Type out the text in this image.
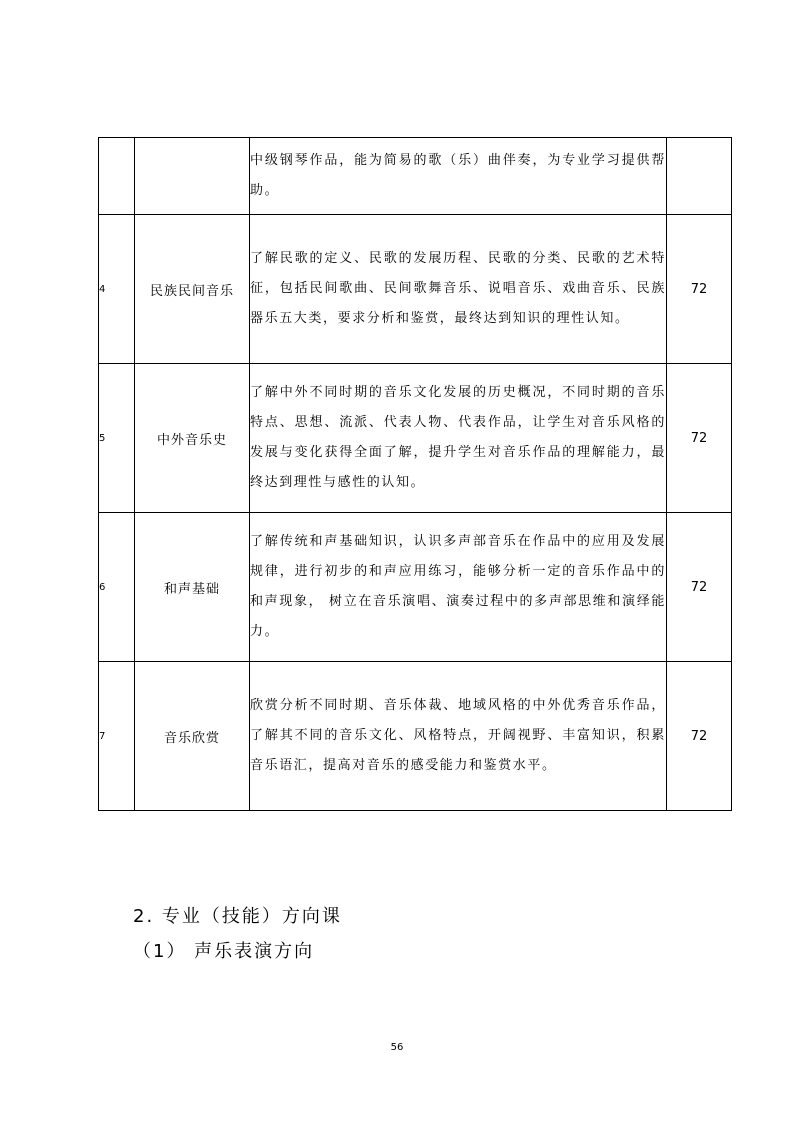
		中级钢琴作品，能为简易的歌（乐）曲伴奏，为专业学习提供帮助。	
4	民族民间音乐	了解民歌的定义、民歌的发展历程、民歌的分类、民歌的艺术特征，包括民间歌曲、民间歌舞音乐、说唱音乐、戏曲音乐、民族器乐五大类，要求分析和鉴赏，最终达到知识的理性认知。	72
5	中外音乐史	了解中外不同时期的音乐文化发展的历史概况，不同时期的音乐特点、思想、流派、代表人物、代表作品，让学生对音乐风格的发展与变化获得全面了解，提升学生对音乐作品的理解能力，最终达到理性与感性的认知。	72
6	和声基础	了解传统和声基础知识，认识多声部音乐在作品中的应用及发展规律，进行初步的和声应用练习，能够分析一定的音乐作品中的和声现象， 树立在音乐演唱、演奏过程中的多声部思维和演绎能力。	72
7	音乐欣赏	欣赏分析不同时期、音乐体裁、地域风格的中外优秀音乐作品，了解其不同的音乐文化、风格特点，开阔视野、丰富知识，积累音乐语汇，提高对音乐的感受能力和鉴赏水平。	72
2. 专业（技能）方向课
（1） 声乐表演方向
56
